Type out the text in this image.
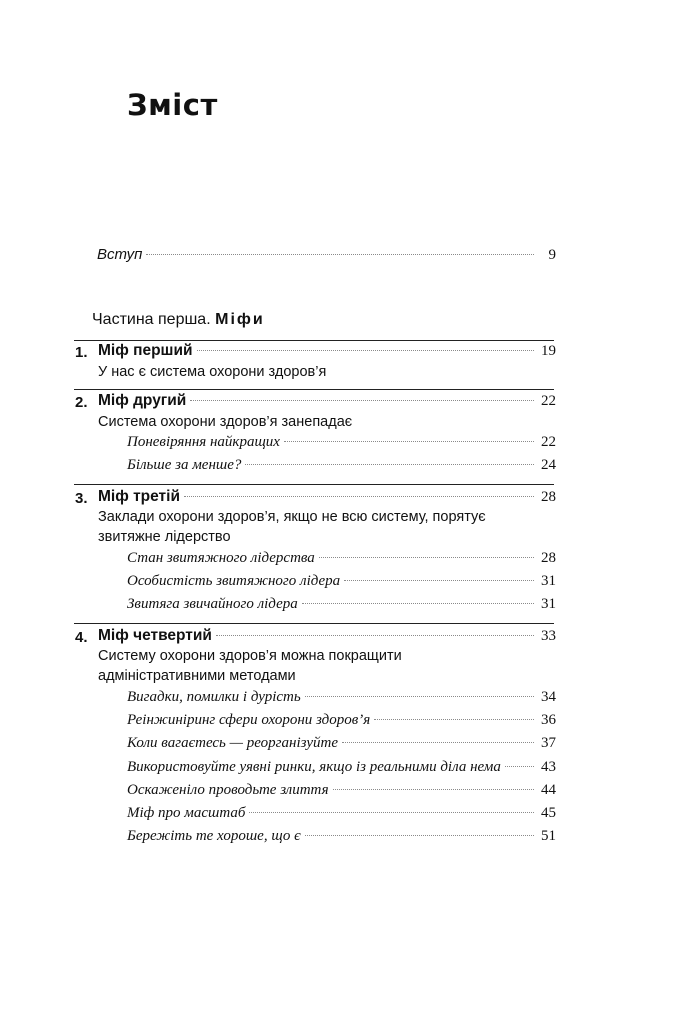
Зміст
Вступ	9
Частина перша. Міфи
1. Міф перший	19
У нас є система охорони здоров’я
2. Міф другий	22
Система охорони здоров’я занепадає
Поневіряння найкращих	22
Більше за менше?	24
3. Міф третій	28
Заклади охорони здоров’я, якщо не всю систему, порятує звитяжне лідерство
Стан звитяжного лідерства	28
Особистість звитяжного лідера	31
Звитяга звичайного лідера	31
4. Міф четвертий	33
Систему охорони здоров’я можна покращити адміністративними методами
Вигадки, помилки і дурість	34
Реінжиніринг сфери охорони здоров’я	36
Коли вагаєтесь — реорганізуйте	37
Використовуйте уявні ринки, якщо із реальними діла нема	43
Оскаженіло проводьте злиття	44
Міф про масштаб	45
Бережіть те хороше, що є	51
